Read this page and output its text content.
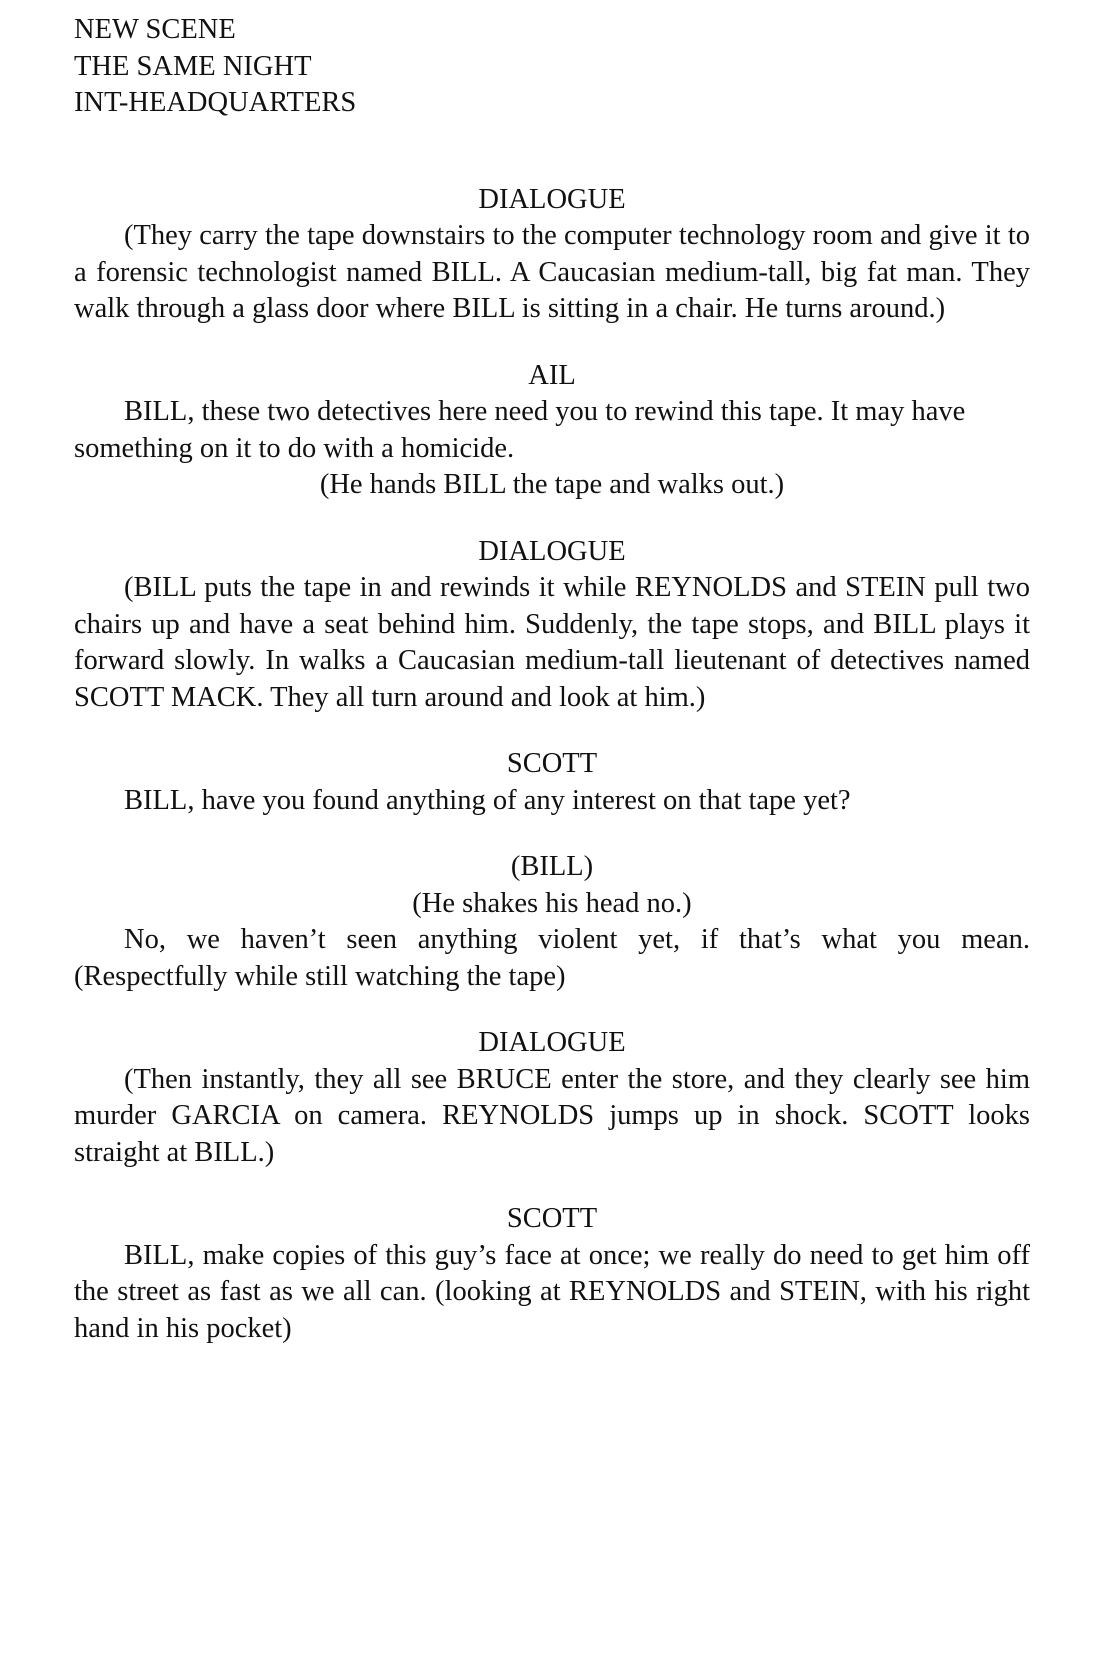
NEW SCENE
THE SAME NIGHT
INT-HEADQUARTERS
DIALOGUE

(They carry the tape downstairs to the computer technology room and give it to a forensic technologist named BILL. A Caucasian medium-tall, big fat man. They walk through a glass door where BILL is sitting in a chair. He turns around.)

AIL

BILL, these two detectives here need you to rewind this tape. It may have something on it to do with a homicide.

(He hands BILL the tape and walks out.)
DIALOGUE

(BILL puts the tape in and rewinds it while REYNOLDS and STEIN pull two chairs up and have a seat behind him. Suddenly, the tape stops, and BILL plays it forward slowly. In walks a Caucasian medium-tall lieutenant of detectives named SCOTT MACK. They all turn around and look at him.)

SCOTT

BILL, have you found anything of any interest on that tape yet?

(BILL)
(He shakes his head no.)

No, we haven’t seen anything violent yet, if that’s what you mean. (Respectfully while still watching the tape)

DIALOGUE

(Then instantly, they all see BRUCE enter the store, and they clearly see him murder GARCIA on camera. REYNOLDS jumps up in shock. SCOTT looks straight at BILL.)

SCOTT

BILL, make copies of this guy’s face at once; we really do need to get him off the street as fast as we all can. (looking at REYNOLDS and STEIN, with his right hand in his pocket)
